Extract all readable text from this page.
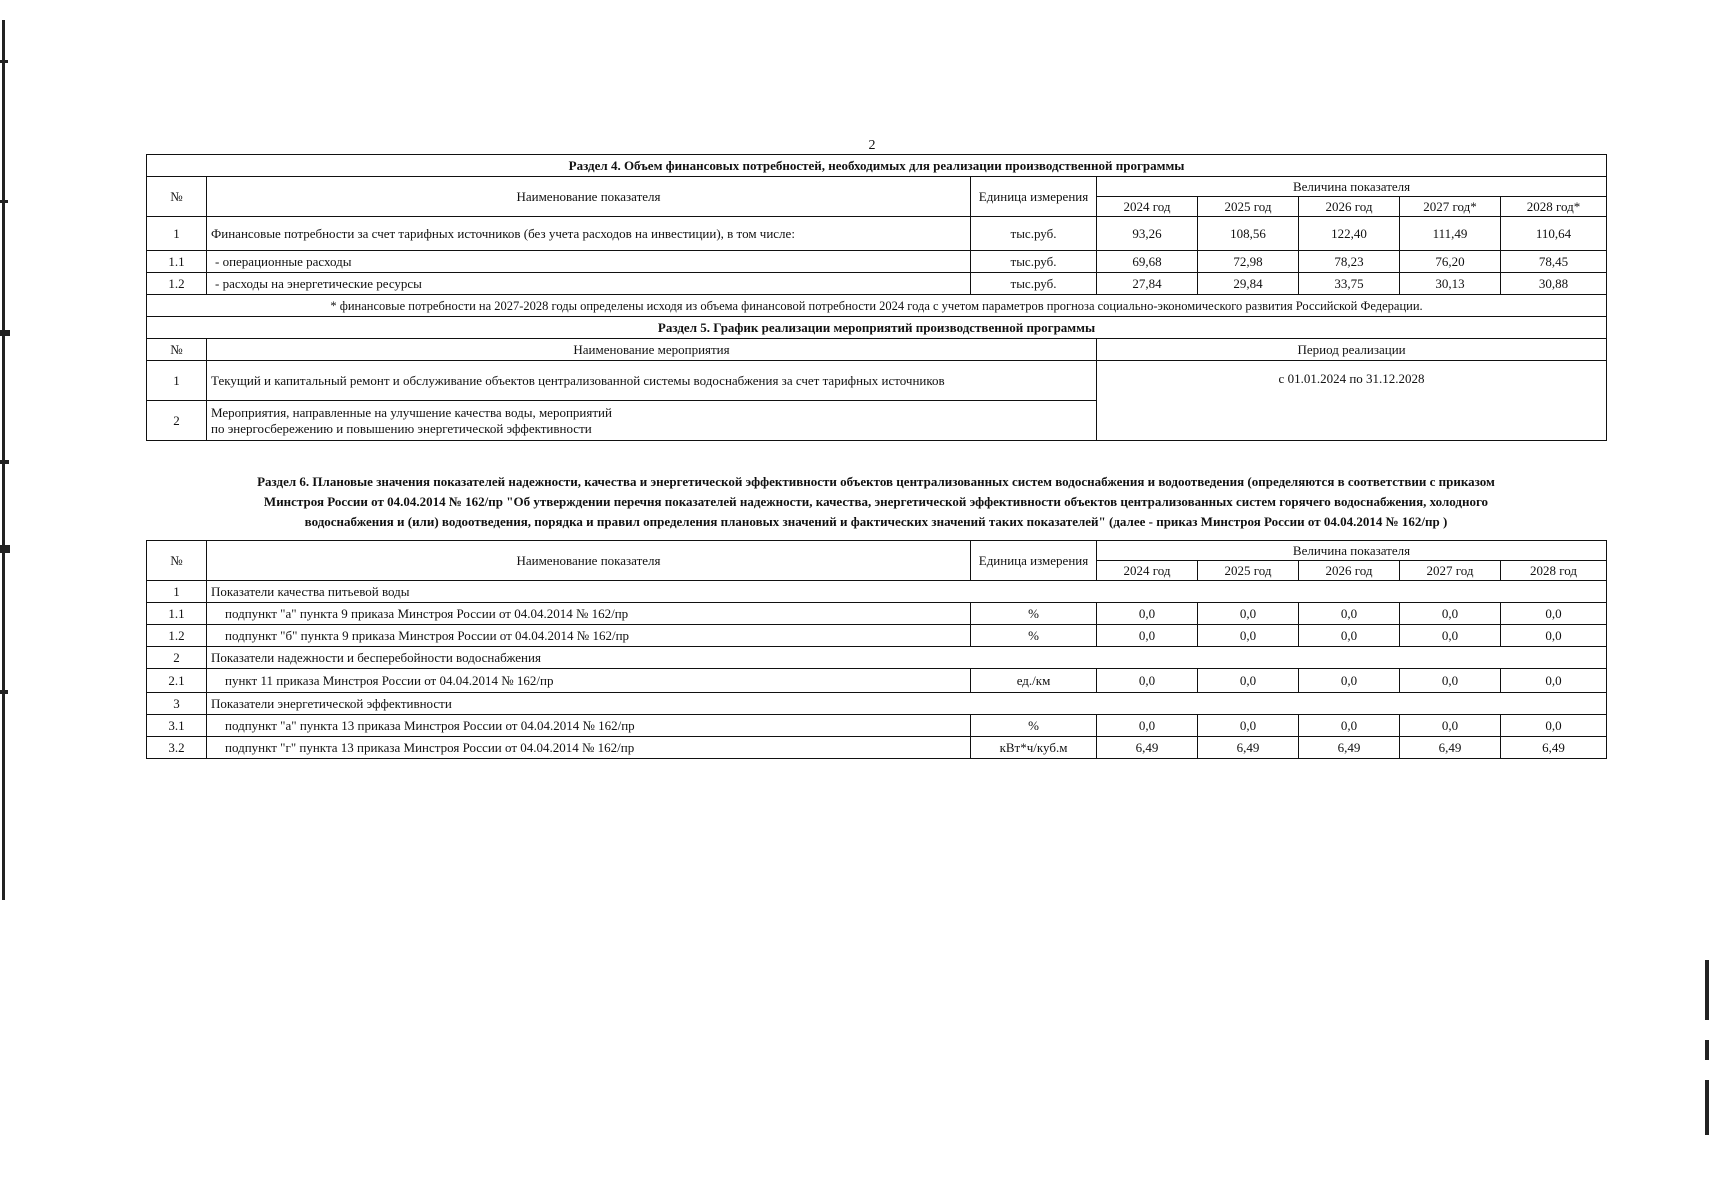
2
Раздел 4. Объем финансовых потребностей, необходимых для реализации производственной программы							
№	Наименование показателя	Единица измерения	Величина показателя				
			2024 год	2025 год	2026 год	2027 год*	2028 год*
1	Финансовые потребности за счет тарифных источников (без учета расходов на инвестиции), в том числе:	тыс.руб.	93,26	108,56	122,40	111,49	110,64
1.1	- операционные расходы	тыс.руб.	69,68	72,98	78,23	76,20	78,45
1.2	- расходы на энергетические ресурсы	тыс.руб.	27,84	29,84	33,75	30,13	30,88
* финансовые потребности на 2027-2028 годы определены исходя из объема финансовой потребности 2024 года с учетом параметров прогноза социально-экономического развития Российской Федерации.							
Раздел 5. График реализации мероприятий производственной программы							
№	Наименование мероприятия		Период реализации				
1	Текущий и капитальный ремонт и обслуживание объектов централизованной системы водоснабжения за счет тарифных источников		с 01.01.2024 по 31.12.2028				
2	Мероприятия, направленные на улучшение качества воды, мероприятий
по энергосбережению и повышению энергетической эффективности						
Раздел 6. Плановые значения показателей надежности, качества и энергетической эффективности объектов централизованных систем водоснабжения и водоотведения (определяются в соответствии с приказом
Минстроя России от 04.04.2014 № 162/пр "Об утверждении перечня показателей надежности, качества, энергетической эффективности объектов централизованных систем горячего водоснабжения, холодного
водоснабжения и (или) водоотведения, порядка и правил определения плановых значений и фактических значений таких показателей" (далее - приказ Минстроя России от 04.04.2014 № 162/пр )
№	Наименование показателя	Единица измерения	Величина показателя				
			2024 год	2025 год	2026 год	2027 год	2028 год
1	Показатели качества питьевой воды						
1.1	подпункт "а" пункта 9 приказа Минстроя России от 04.04.2014 № 162/пр	%	0,0	0,0	0,0	0,0	0,0
1.2	подпункт "б" пункта 9 приказа Минстроя России от 04.04.2014 № 162/пр	%	0,0	0,0	0,0	0,0	0,0
2	Показатели надежности и бесперебойности водоснабжения						
2.1	пункт 11 приказа Минстроя России от 04.04.2014 № 162/пр	ед./км	0,0	0,0	0,0	0,0	0,0
3	Показатели энергетической эффективности						
3.1	подпункт "а" пункта 13 приказа Минстроя России от 04.04.2014 № 162/пр	%	0,0	0,0	0,0	0,0	0,0
3.2	подпункт "г" пункта 13 приказа Минстроя России от 04.04.2014 № 162/пр	кВт*ч/куб.м	6,49	6,49	6,49	6,49	6,49
